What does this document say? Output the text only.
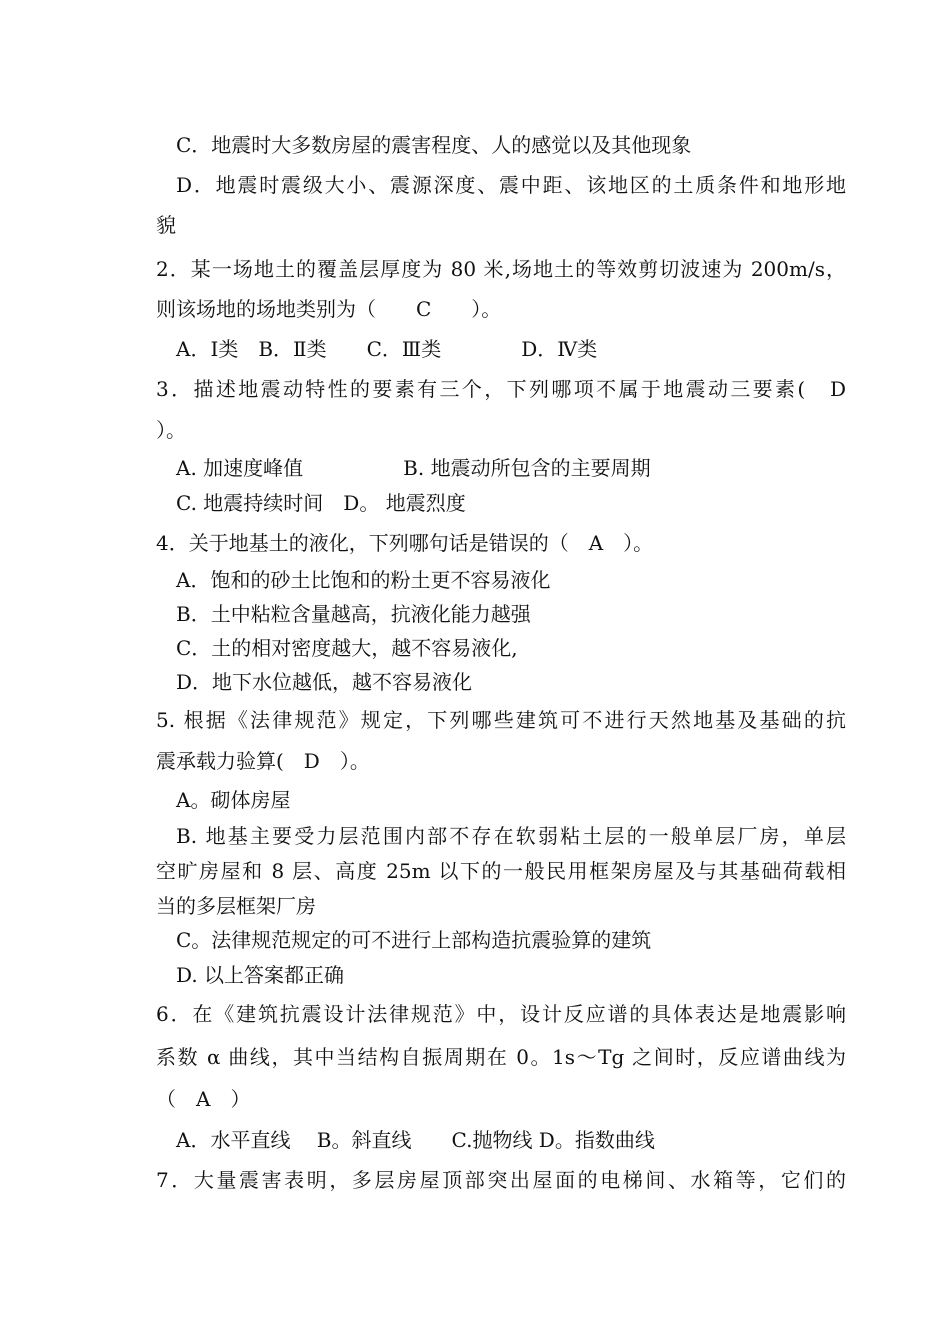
C．地震时大多数房屋的震害程度、人的感觉以及其他现象
D．地震时震级大小、震源深度、震中距、该地区的土质条件和地形地
貌
2．某一场地土的覆盖层厚度为 80 米,场地土的等效剪切波速为 200m/s，
则该场地的场地类别为（　　C　　）。
A．Ⅰ类　B．Ⅱ类　　C．Ⅲ类　　　　D．Ⅳ类
3．描述地震动特性的要素有三个，下列哪项不属于地震动三要素(　D
）。
A. 加速度峰值　　　　　B. 地震动所包含的主要周期
C. 地震持续时间　D。 地震烈度
4．关于地基土的液化，下列哪句话是错误的（　A　）。
A．饱和的砂土比饱和的粉土更不容易液化
B．土中粘粒含量越高，抗液化能力越强
C．土的相对密度越大，越不容易液化,
D．地下水位越低，越不容易液化
5. 根据《法律规范》规定，下列哪些建筑可不进行天然地基及基础的抗
震承载力验算(　D　）。
A。砌体房屋
B. 地基主要受力层范围内部不存在软弱粘土层的一般单层厂房，单层
空旷房屋和 8 层、高度 25m 以下的一般民用框架房屋及与其基础荷载相
当的多层框架厂房
C。法律规范规定的可不进行上部构造抗震验算的建筑
D. 以上答案都正确
6．在《建筑抗震设计法律规范》中，设计反应谱的具体表达是地震影响
系数 α 曲线，其中当结构自振周期在 0。1s～Tg 之间时，反应谱曲线为
（　A　）
A．水平直线　 B。斜直线　　C.抛物线 D。指数曲线
7．大量震害表明，多层房屋顶部突出屋面的电梯间、水箱等，它们的
